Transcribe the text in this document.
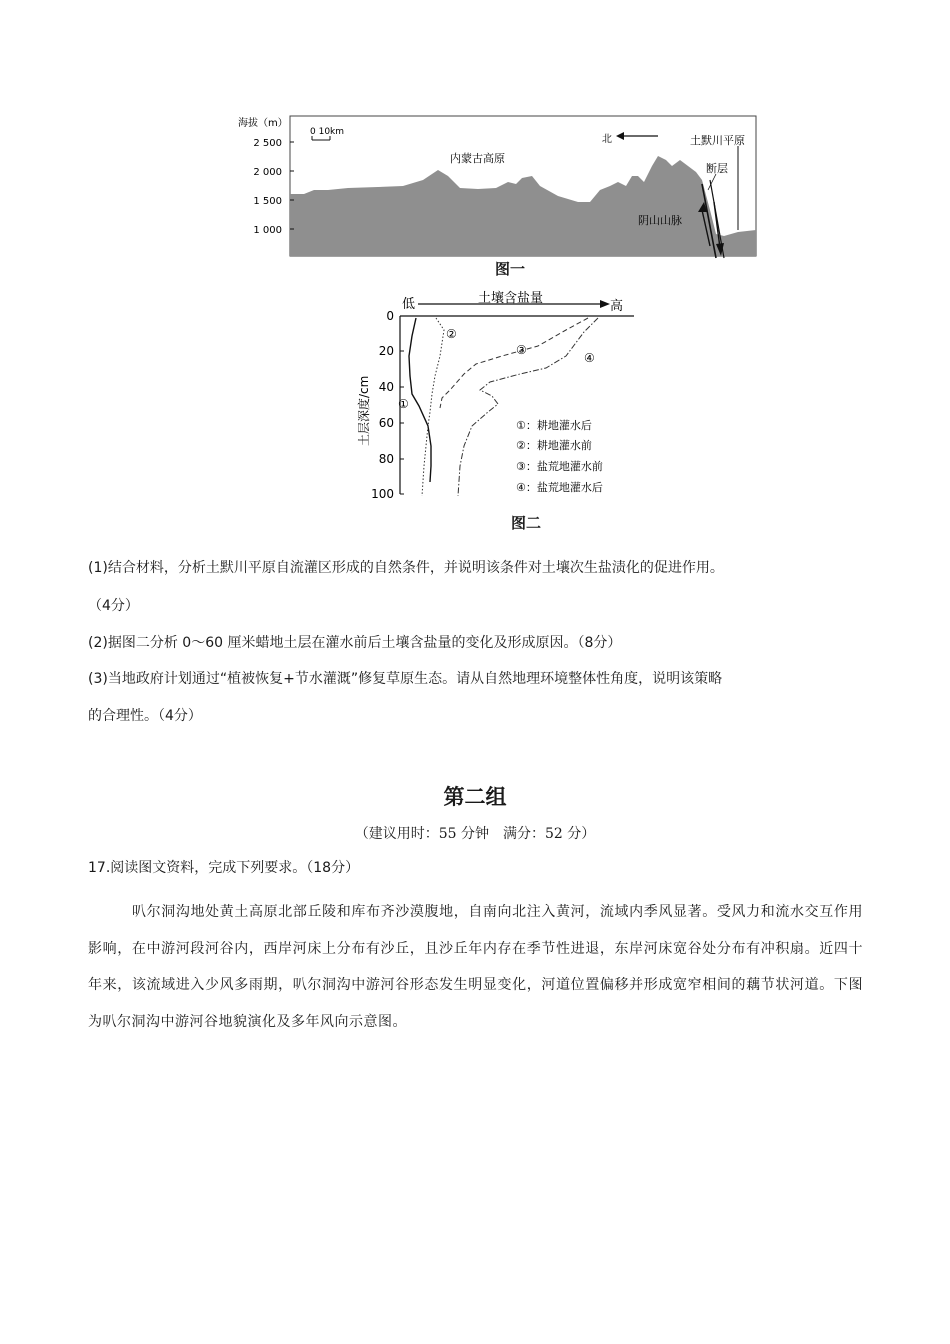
海拔（m）
0 10km
北
内蒙古高原
土默川平原
断层
阴山山脉
2 500
2 000
1 500
1 000
图一
低	土壤含盐量
高
土层深度/cm
0
20
40
60
80
100
①
②
③
④
①：耕地灌水后
②：耕地灌水前
③：盐荒地灌水前
④：盐荒地灌水后
图二
(1)结合材料，分析土默川平原自流灌区形成的自然条件，并说明该条件对土壤次生盐渍化的促进作用。
（4分）
(2)据图二分析 0～60 厘米蜡地土层在灌水前后土壤含盐量的变化及形成原因。（8分）
(3)当地政府计划通过“植被恢复+节水灌溉”修复草原生态。请从自然地理环境整体性角度，说明该策略
的合理性。（4分）
第二组
（建议用时：55 分钟　满分：52 分）
17.阅读图文资料，完成下列要求。（18分）
叭尔洞沟地处黄土高原北部丘陵和库布齐沙漠腹地，自南向北注入黄河，流域内季风显著。受风力和流水交互作用影响，在中游河段河谷内，西岸河床上分布有沙丘，且沙丘年内存在季节性进退，东岸河床宽谷处分布有冲积扇。近四十年来，该流域进入少风多雨期，叭尔洞沟中游河谷形态发生明显变化，河道位置偏移并形成宽窄相间的藕节状河道。下图为叭尔洞沟中游河谷地貌演化及多年风向示意图。
